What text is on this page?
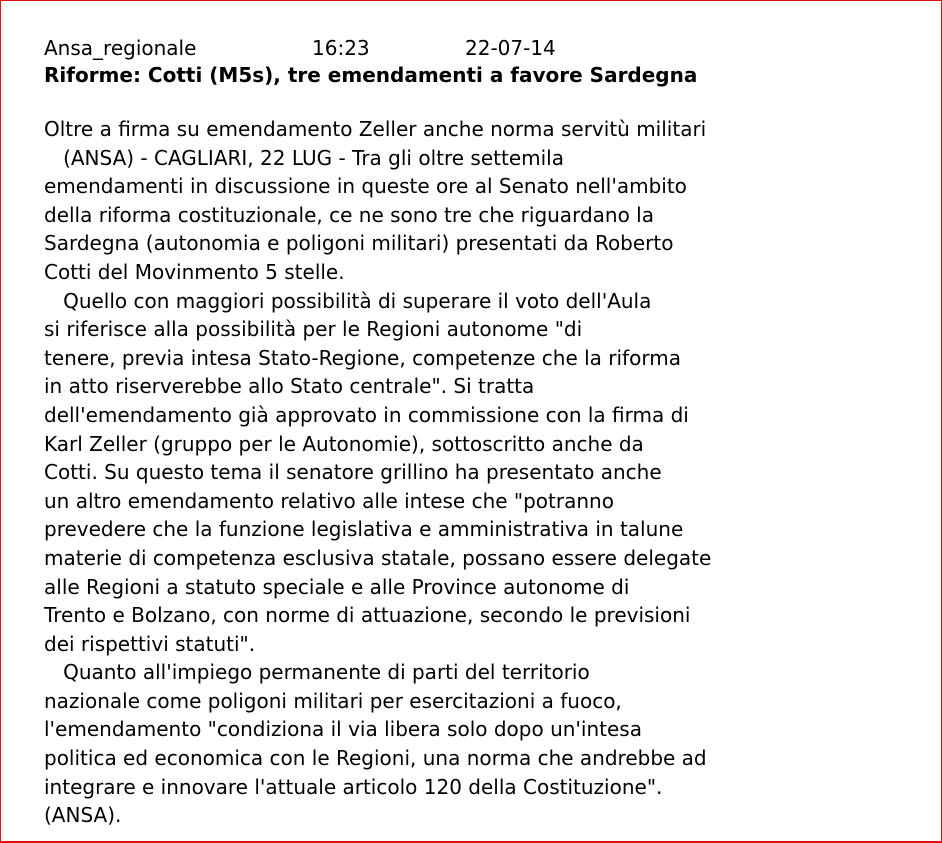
Ansa_regionale

	16:23

	22-07-14

Riforme: Cotti (M5s), tre emendamenti a favore Sardegna
Oltre a firma su emendamento Zeller anche norma servitù militari
(ANSA) - CAGLIARI, 22 LUG - Tra gli oltre settemila
emendamenti in discussione in queste ore al Senato nell'ambito
della riforma costituzionale, ce ne sono tre che riguardano la
Sardegna (autonomia e poligoni militari) presentati da Roberto
Cotti del Movinmento 5 stelle.
Quello con maggiori possibilità di superare il voto dell'Aula
si riferisce alla possibilità per le Regioni autonome "di
tenere, previa intesa Stato-Regione, competenze che la riforma
in atto riserverebbe allo Stato centrale". Si tratta
dell'emendamento già approvato in commissione con la firma di
Karl Zeller (gruppo per le Autonomie), sottoscritto anche da
Cotti. Su questo tema il senatore grillino ha presentato anche
un altro emendamento relativo alle intese che "potranno
prevedere che la funzione legislativa e amministrativa in talune
materie di competenza esclusiva statale, possano essere delegate
alle Regioni a statuto speciale e alle Province autonome di
Trento e Bolzano, con norme di attuazione, secondo le previsioni
dei rispettivi statuti".
Quanto all'impiego permanente di parti del territorio
nazionale come poligoni militari per esercitazioni a fuoco,
l'emendamento "condiziona il via libera solo dopo un'intesa
politica ed economica con le Regioni, una norma che andrebbe ad
integrare e innovare l'attuale articolo 120 della Costituzione".
(ANSA).
